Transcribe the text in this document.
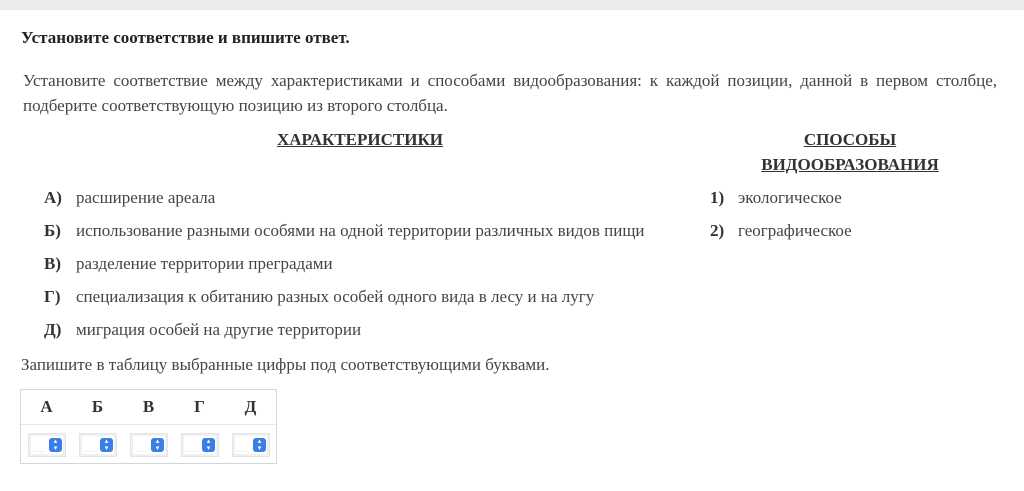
Установите соответствие и впишите ответ.
Установите соответствие между характеристиками и способами видообразования: к каждой позиции, данной в первом столбце, подберите соответствующую позицию из второго столбца.
ХАРАКТЕРИСТИКИ	СПОСОБЫ
ВИДООБРАЗОВАНИЯ
А) расширение ареала
Б) использование разными особями на одной территории различных видов пищи
В) разделение территории преградами
Г) специализация к обитанию разных особей одного вида в лесу и на лугу
Д) миграция особей на другие территории
1) экологическое
2) географическое
Запишите в таблицу выбранные цифры под соответствующими буквами.
А	Б	В	Г	Д
▴
▾
▴
▾
▴
▾
▴
▾
▴
▾
